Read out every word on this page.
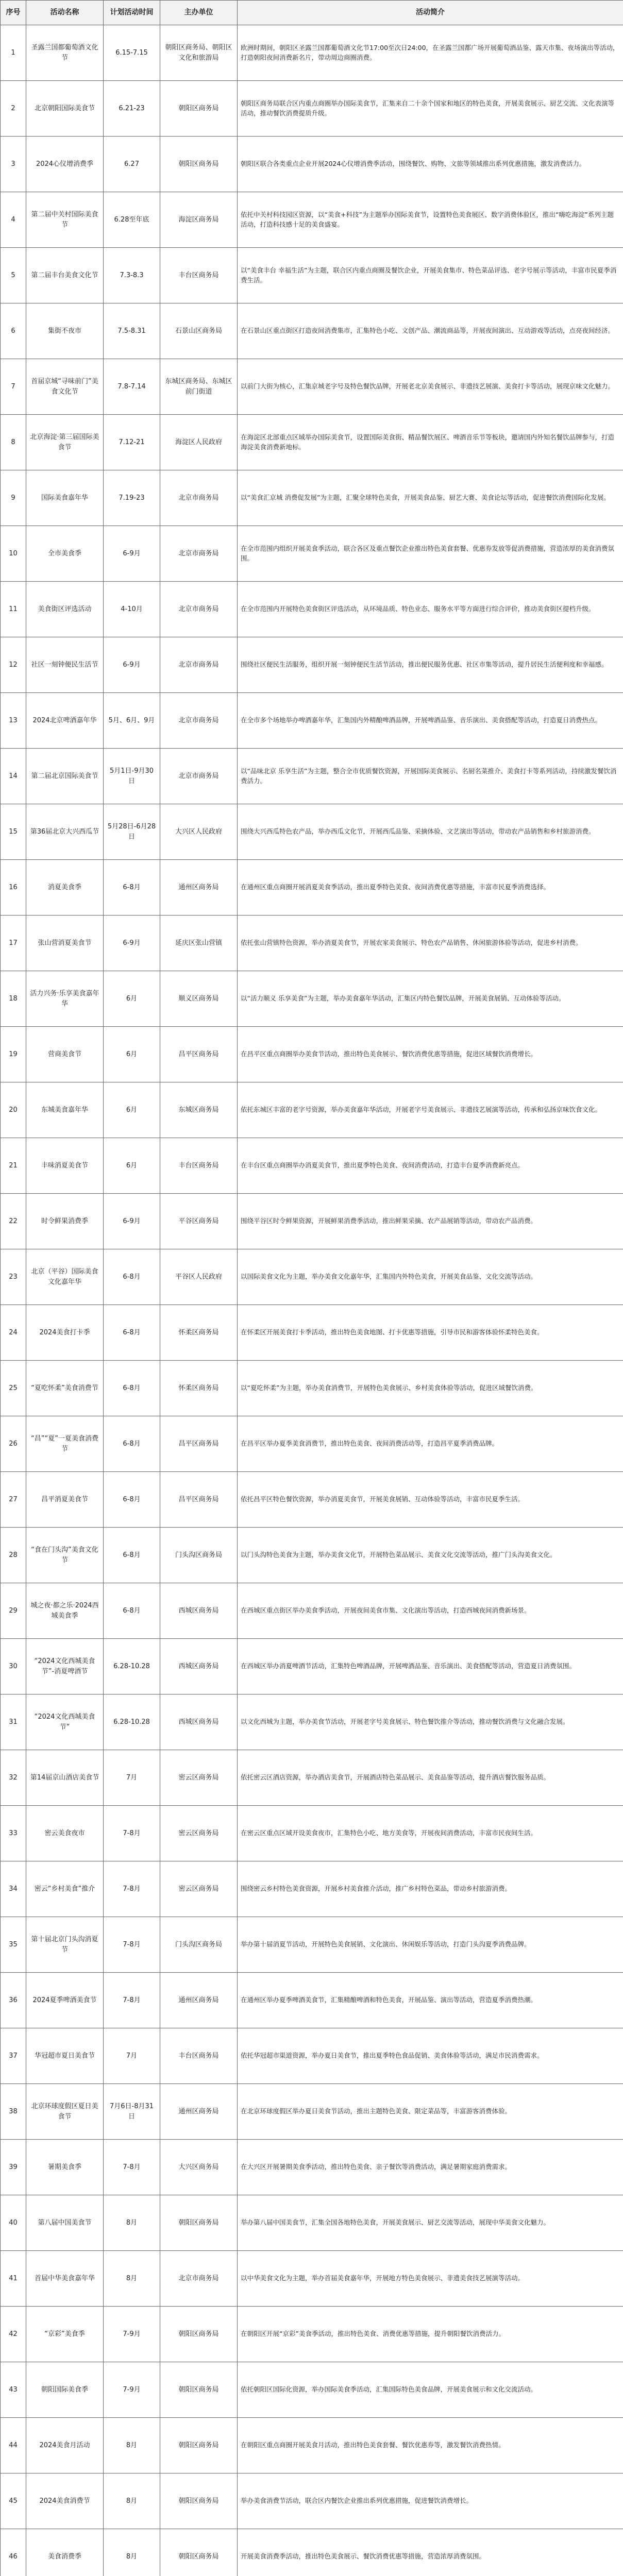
序号	活动名称	计划活动时间	主办单位	活动简介
1	圣露兰国都葡萄酒文化节	6.15-7.15	朝阳区商务局、朝阳区文化和旅游局	欧洲时期间，朝阳区圣露兰国都葡萄酒文化节17:00至次日24:00，在圣露兰国都广场开展葡萄酒品鉴、露天市集、夜场演出等活动，打造朝阳夜间消费新名片，带动周边商圈消费。
2	北京朝阳国际美食节	6.21-23	朝阳区商务局	朝阳区商务局联合区内重点商圈举办国际美食节，汇集来自二十余个国家和地区的特色美食，开展美食展示、厨艺交流、文化表演等活动，推动餐饮消费提质升级。
3	2024心仪增消费季	6.27	朝阳区商务局	朝阳区联合各类重点企业开展2024心仪增消费季活动，围绕餐饮、购物、文旅等领域推出系列优惠措施，激发消费活力。
4	第二届中关村国际美食节	6.28至年底	海淀区商务局	依托中关村科技园区资源，以“美食+科技”为主题举办国际美食节，设置特色美食展区、数字消费体验区，推出“嗨吃海淀”系列主题活动，打造科技感十足的美食盛宴。
5	第二届丰台美食文化节	7.3-8.3	丰台区商务局	以“美食丰台 幸福生活”为主题，联合区内重点商圈及餐饮企业，开展美食集市、特色菜品评选、老字号展示等活动，丰富市民夏季消费生活。
6	集街不夜市	7.5-8.31	石景山区商务局	在石景山区重点街区打造夜间消费集市，汇集特色小吃、文创产品、潮流商品等，开展夜间演出、互动游戏等活动，点亮夜间经济。
7	首届京城“寻味前门”美食文化节	7.8-7.14	东城区商务局、东城区前门街道	以前门大街为核心，汇集京城老字号及特色餐饮品牌，开展老北京美食展示、非遗技艺展演、美食打卡等活动，展现京味文化魅力。
8	北京海淀·第三届国际美食节	7.12-21	海淀区人民政府	在海淀区北部重点区域举办国际美食节，设置国际美食街、精品餐饮展区、啤酒音乐节等板块，邀请国内外知名餐饮品牌参与，打造海淀美食消费新地标。
9	国际美食嘉年华	7.19-23	北京市商务局	以“美食汇京城 消费促发展”为主题，汇聚全球特色美食，开展美食品鉴、厨艺大赛、美食论坛等活动，促进餐饮消费国际化发展。
10	全市美食季	6-9月	北京市商务局	在全市范围内组织开展美食季活动，联合各区及重点餐饮企业推出特色美食套餐、优惠券发放等促消费措施，营造浓厚的美食消费氛围。
11	美食街区评选活动	4-10月	北京市商务局	在全市范围内开展特色美食街区评选活动，从环境品质、特色业态、服务水平等方面进行综合评价，推动美食街区提档升级。
12	社区一刻钟便民生活节	6-9月	北京市商务局	围绕社区便民生活服务，组织开展一刻钟便民生活节活动，推出便民服务优惠、社区市集等活动，提升居民生活便利度和幸福感。
13	2024北京啤酒嘉年华	5月、6月、9月	北京市商务局	在全市多个场地举办啤酒嘉年华，汇集国内外精酿啤酒品牌，开展啤酒品鉴、音乐演出、美食搭配等活动，打造夏日消费热点。
14	第二届北京国际美食节	5月1日-9月30日	北京市商务局	以“品味北京 乐享生活”为主题，整合全市优质餐饮资源，开展国际美食展示、名厨名菜推介、美食打卡等系列活动，持续激发餐饮消费活力。
15	第36届北京大兴西瓜节	5月28日-6月28日	大兴区人民政府	围绕大兴西瓜特色农产品，举办西瓜文化节，开展西瓜品鉴、采摘体验、文艺演出等活动，带动农产品销售和乡村旅游消费。
16	消夏美食季	6-8月	通州区商务局	在通州区重点商圈开展消夏美食季活动，推出夏季特色美食、夜间消费优惠等措施，丰富市民夏季消费选择。
17	张山营消夏美食节	6-9月	延庆区张山营镇	依托张山营镇特色资源，举办消夏美食节，开展农家美食展示、特色农产品销售、休闲旅游体验等活动，促进乡村消费。
18	活力兴务·乐享美食嘉年华	6月	顺义区商务局	以“活力顺义 乐享美食”为主题，举办美食嘉年华活动，汇集区内特色餐饮品牌，开展美食展销、互动体验等活动。
19	营商美食节	6月	昌平区商务局	在昌平区重点商圈举办美食节活动，推出特色美食展示、餐饮消费优惠等措施，促进区域餐饮消费增长。
20	东城美食嘉年华	6月	东城区商务局	依托东城区丰富的老字号资源，举办美食嘉年华活动，开展老字号美食展示、非遗技艺展演等活动，传承和弘扬京味饮食文化。
21	丰味消夏美食节	6月	丰台区商务局	在丰台区重点商圈举办消夏美食节，推出夏季特色美食、夜间消费活动，打造丰台夏季消费新亮点。
22	时令鲜果消费季	6-9月	平谷区商务局	围绕平谷区时令鲜果资源，开展鲜果消费季活动，推出鲜果采摘、农产品展销等活动，带动农产品消费。
23	北京（平谷）国际美食文化嘉年华	6-8月	平谷区人民政府	以国际美食文化为主题，举办美食文化嘉年华，汇集国内外特色美食，开展美食品鉴、文化交流等活动。
24	2024美食打卡季	6-8月	怀柔区商务局	在怀柔区开展美食打卡季活动，推出特色美食地图、打卡优惠等措施，引导市民和游客体验怀柔特色美食。
25	“夏吃怀柔”美食消费节	6-8月	怀柔区商务局	以“夏吃怀柔”为主题，举办美食消费节，开展特色美食展示、乡村美食体验等活动，促进区域餐饮消费。
26	“昌”“夏”一夏美食消费节	6-8月	昌平区商务局	在昌平区举办夏季美食消费节，推出特色美食、夜间消费活动等，打造昌平夏季消费品牌。
27	昌平消夏美食节	6-8月	昌平区商务局	依托昌平区特色餐饮资源，举办消夏美食节，开展美食展销、互动体验等活动，丰富市民夏季生活。
28	“食在门头沟”美食文化节	6-8月	门头沟区商务局	以门头沟特色美食为主题，举办美食文化节，开展特色菜品展示、美食文化交流等活动，推广门头沟美食文化。
29	城之夜·都之乐·2024西城美食季	6-8月	西城区商务局	在西城区重点街区举办美食季活动，开展夜间美食市集、文化演出等活动，打造西城夜间消费新场景。
30	“2024文化西城美食节”-消夏啤酒节	6.28-10.28	西城区商务局	在西城区举办消夏啤酒节活动，汇集特色啤酒品牌，开展啤酒品鉴、音乐演出、美食搭配等活动，营造夏日消费氛围。
31	“2024文化西城美食节”	6.28-10.28	西城区商务局	以文化西城为主题，举办美食节活动，开展老字号美食展示、特色餐饮推介等活动，推动餐饮消费与文化融合发展。
32	第14届京山酒店美食节	7月	密云区商务局	依托密云区酒店资源，举办酒店美食节，开展酒店特色菜品展示、美食品鉴等活动，提升酒店餐饮服务品质。
33	密云美食夜市	7-8月	密云区商务局	在密云区重点区域开设美食夜市，汇集特色小吃、地方美食等，开展夜间消费活动，丰富市民夜间生活。
34	密云“乡村美食”推介	7-8月	密云区商务局	围绕密云乡村特色美食资源，开展乡村美食推介活动，推广乡村特色菜品，带动乡村旅游消费。
35	第十届北京门头沟消夏节	7-8月	门头沟区商务局	举办第十届消夏节活动，开展特色美食展销、文化演出、休闲娱乐等活动，打造门头沟夏季消费品牌。
36	2024夏季啤酒美食节	7-8月	通州区商务局	在通州区举办夏季啤酒美食节，汇集精酿啤酒和特色美食，开展品鉴、演出等活动，营造夏季消费热潮。
37	华冠超市夏日美食节	7月	丰台区商务局	依托华冠超市渠道资源，举办夏日美食节，推出夏季特色食品促销、美食体验等活动，满足市民消费需求。
38	北京环球度假区夏日美食节	7月6日-8月31日	通州区商务局	在北京环球度假区举办夏日美食节活动，推出主题特色美食、限定菜品等，丰富游客消费体验。
39	暑期美食季	7-8月	大兴区商务局	在大兴区开展暑期美食季活动，推出特色美食、亲子餐饮等消费活动，满足暑期家庭消费需求。
40	第八届中国美食节	8月	朝阳区商务局	举办第八届中国美食节，汇集全国各地特色美食，开展美食展示、厨艺交流等活动，展现中华美食文化魅力。
41	首届中华美食嘉年华	8月	北京市商务局	以中华美食文化为主题，举办首届美食嘉年华，开展地方特色美食展示、非遗美食技艺展演等活动。
42	“京彩”美食季	7-9月	朝阳区商务局	在朝阳区开展“京彩”美食季活动，推出特色美食、消费优惠等措施，提升朝阳餐饮消费活力。
43	朝阳国际美食季	7-9月	朝阳区商务局	依托朝阳区国际化资源，举办国际美食季活动，汇集国际特色美食品牌，开展美食展示和文化交流活动。
44	2024美食月活动	8月	朝阳区商务局	在朝阳区重点商圈开展美食月活动，推出特色美食套餐、餐饮优惠券等，激发餐饮消费热情。
45	2024美食消费节	8月	朝阳区商务局	举办美食消费节活动，联合区内餐饮企业推出系列优惠措施，促进餐饮消费增长。
46	美食消费季	8月	朝阳区商务局	开展美食消费季活动，推出特色美食展示、餐饮消费优惠等措施，营造浓厚消费氛围。
